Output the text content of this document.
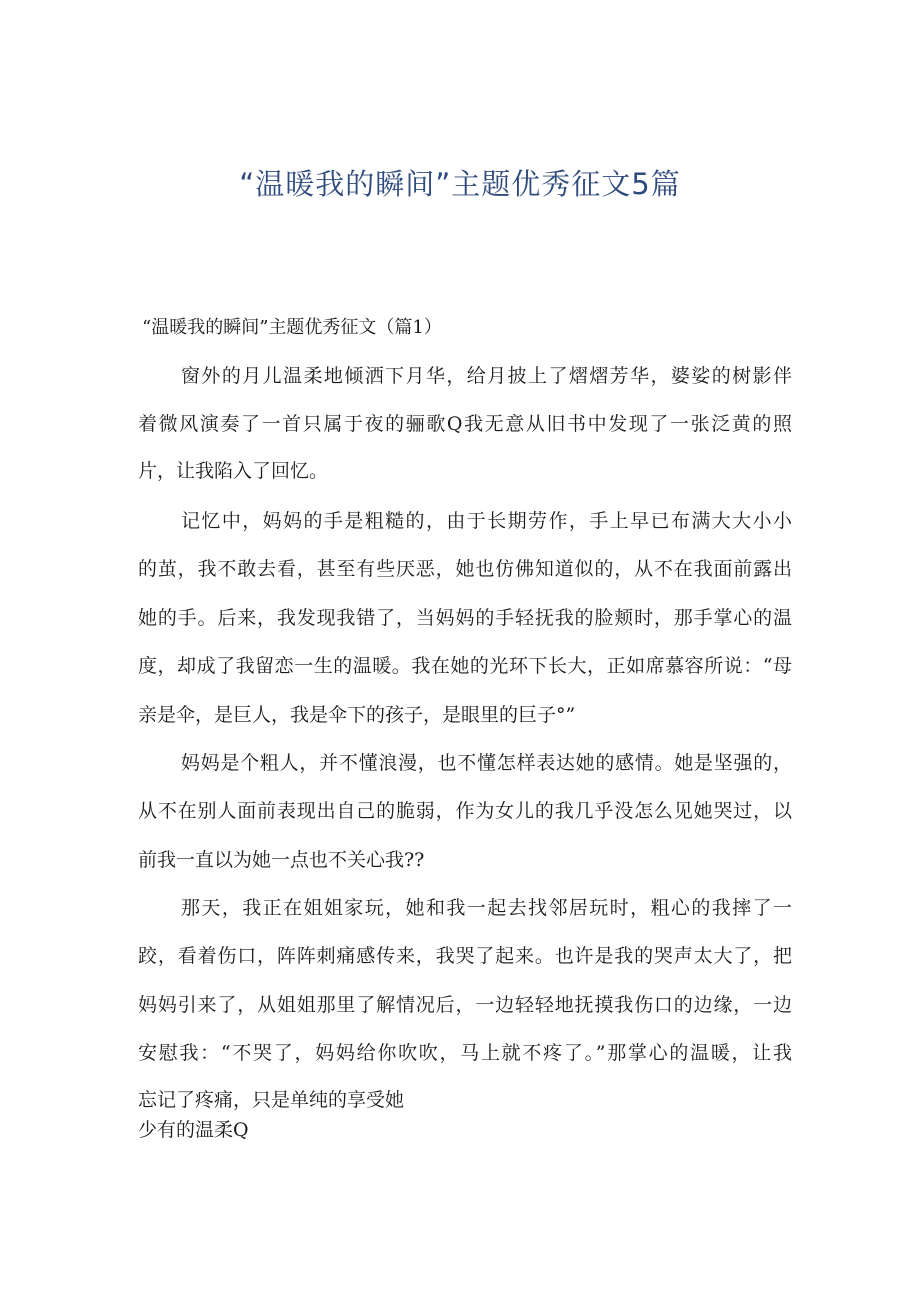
“温暖我的瞬间”主题优秀征文5篇
“温暖我的瞬间”主题优秀征文（篇1）
窗外的月儿温柔地倾洒下月华，给月披上了熠熠芳华，婆娑的树影伴
着微风演奏了一首只属于夜的骊歌Q我无意从旧书中发现了一张泛黄的照
片，让我陷入了回忆。
记忆中，妈妈的手是粗糙的，由于长期劳作，手上早已布满大大小小
的茧，我不敢去看，甚至有些厌恶，她也仿佛知道似的，从不在我面前露出
她的手。后来，我发现我错了，当妈妈的手轻抚我的脸颊时，那手掌心的温
度，却成了我留恋一生的温暖。我在她的光环下长大，正如席慕容所说：“母
亲是伞，是巨人，我是伞下的孩子，是眼里的巨子°”
妈妈是个粗人，并不懂浪漫，也不懂怎样表达她的感情。她是坚强的，
从不在别人面前表现出自己的脆弱，作为女儿的我几乎没怎么见她哭过，以
前我一直以为她一点也不关心我??
那天，我正在姐姐家玩，她和我一起去找邻居玩时，粗心的我摔了一
跤，看着伤口，阵阵刺痛感传来，我哭了起来。也许是我的哭声太大了，把
妈妈引来了，从姐姐那里了解情况后，一边轻轻地抚摸我伤口的边缘，一边
安慰我：“不哭了，妈妈给你吹吹，马上就不疼了。”那掌心的温暖，让我
忘记了疼痛，只是单纯的享受她
少有的温柔Q
